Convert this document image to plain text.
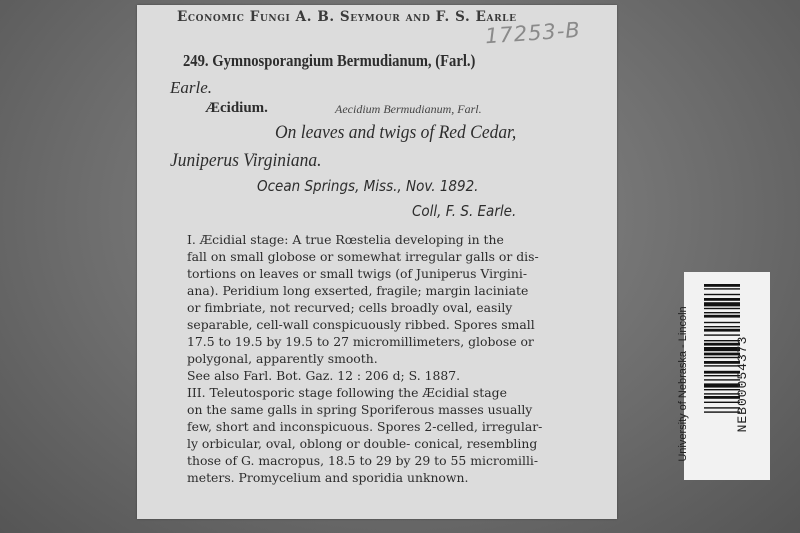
Economic Fungi A. B. Seymour and F. S. Earle
17253-B
249. Gymnosporangium Bermudianum, (Farl.)
Earle.
Æcidium.	Aecidium Bermudianum, Farl.
On leaves and twigs of Red Cedar,
Juniperus Virginiana.
Ocean Springs, Miss., Nov. 1892.
Coll, F. S. Earle.

I. Æcidial stage: A true Rœstelia developing in the

fall on small globose or somewhat irregular galls or dis-

tortions on leaves or small twigs (of Juniperus Virgini-

ana). Peridium long exserted, fragile; margin laciniate

or fimbriate, not recurved; cells broadly oval, easily

separable, cell-wall conspicuously ribbed. Spores small

17.5 to 19.5 by 19.5 to 27 micromillimeters, globose or

polygonal, apparently smooth.

See also Farl. Bot. Gaz. 12 : 206 d; S. 1887.

III. Teleutosporic stage following the Æcidial stage

on the same galls in spring Sporiferous masses usually

few, short and inconspicuous. Spores 2-celled, irregular-

ly orbicular, oval, oblong or double- conical, resembling

those of G. macropus, 18.5 to 29 by 29 to 55 micromilli-

meters. Promycelium and sporidia unknown.

University of Nebraska - Lincoln	NEB00054373
